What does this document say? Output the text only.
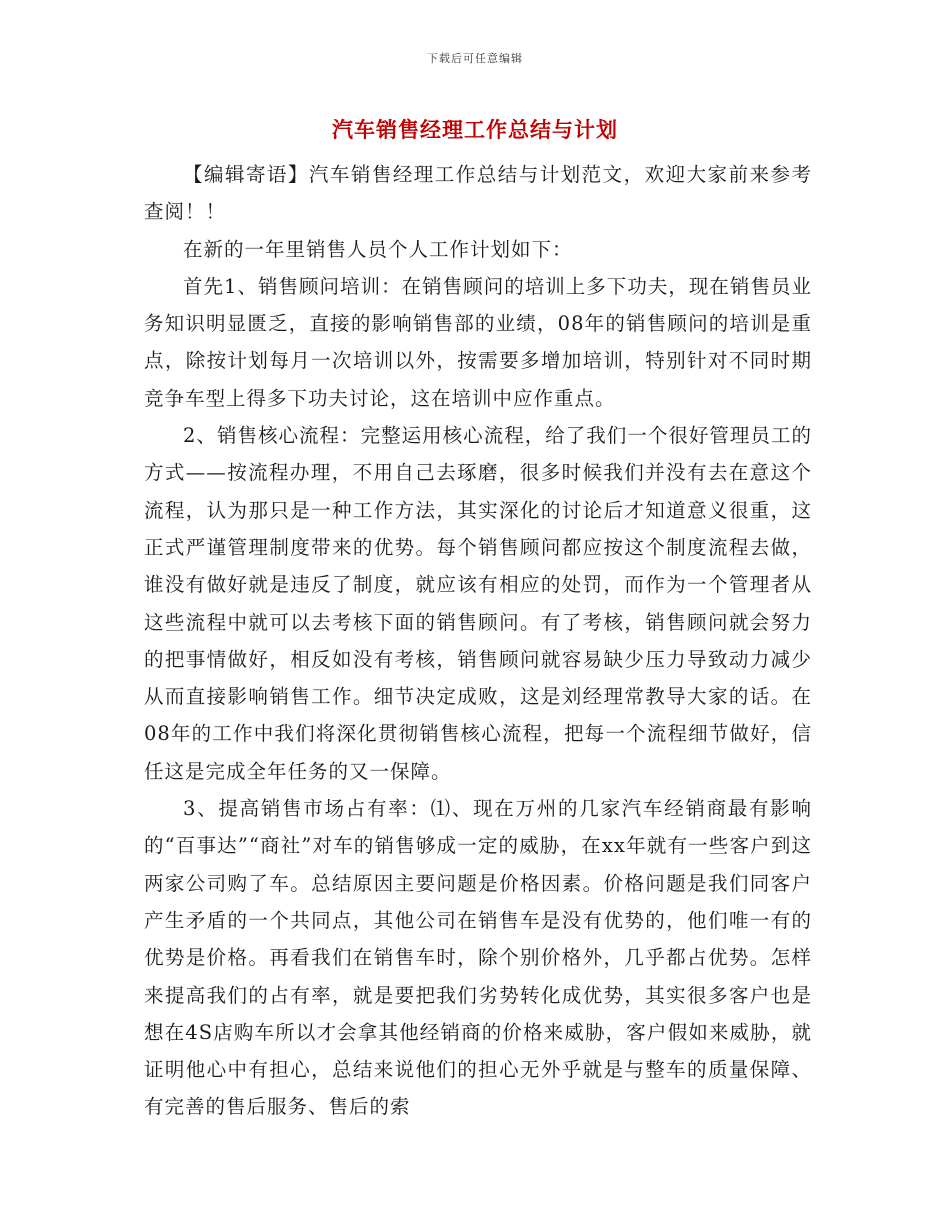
下载后可任意编辑
汽车销售经理工作总结与计划

【编辑寄语】汽车销售经理工作总结与计划范文，欢迎大家前来参考查阅！！

在新的一年里销售人员个人工作计划如下：

首先1、销售顾问培训：在销售顾问的培训上多下功夫，现在销售员业务知识明显匮乏，直接的影响销售部的业绩，08年的销售顾问的培训是重点，除按计划每月一次培训以外，按需要多增加培训，特别针对不同时期竞争车型上得多下功夫讨论，这在培训中应作重点。

2、销售核心流程：完整运用核心流程，给了我们一个很好管理员工的方式——按流程办理，不用自己去琢磨，很多时候我们并没有去在意这个流程，认为那只是一种工作方法，其实深化的讨论后才知道意义很重，这正式严谨管理制度带来的优势。每个销售顾问都应按这个制度流程去做，谁没有做好就是违反了制度，就应该有相应的处罚，而作为一个管理者从这些流程中就可以去考核下面的销售顾问。有了考核，销售顾问就会努力的把事情做好，相反如没有考核，销售顾问就容易缺少压力导致动力减少从而直接影响销售工作。细节决定成败，这是刘经理常教导大家的话。在08年的工作中我们将深化贯彻销售核心流程，把每一个流程细节做好，信任这是完成全年任务的又一保障。

3、提高销售市场占有率：⑴、现在万州的几家汽车经销商最有影响的“百事达”“商社”对车的销售够成一定的威胁，在xx年就有一些客户到这两家公司购了车。总结原因主要问题是价格因素。价格问题是我们同客户产生矛盾的一个共同点，其他公司在销售车是没有优势的，他们唯一有的优势是价格。再看我们在销售车时，除个别价格外，几乎都占优势。怎样来提高我们的占有率，就是要把我们劣势转化成优势，其实很多客户也是想在4S店购车所以才会拿其他经销商的价格来威胁，客户假如来威胁，就证明他心中有担心，总结来说他们的担心无外乎就是与整车的质量保障、有完善的售后服务、售后的索
